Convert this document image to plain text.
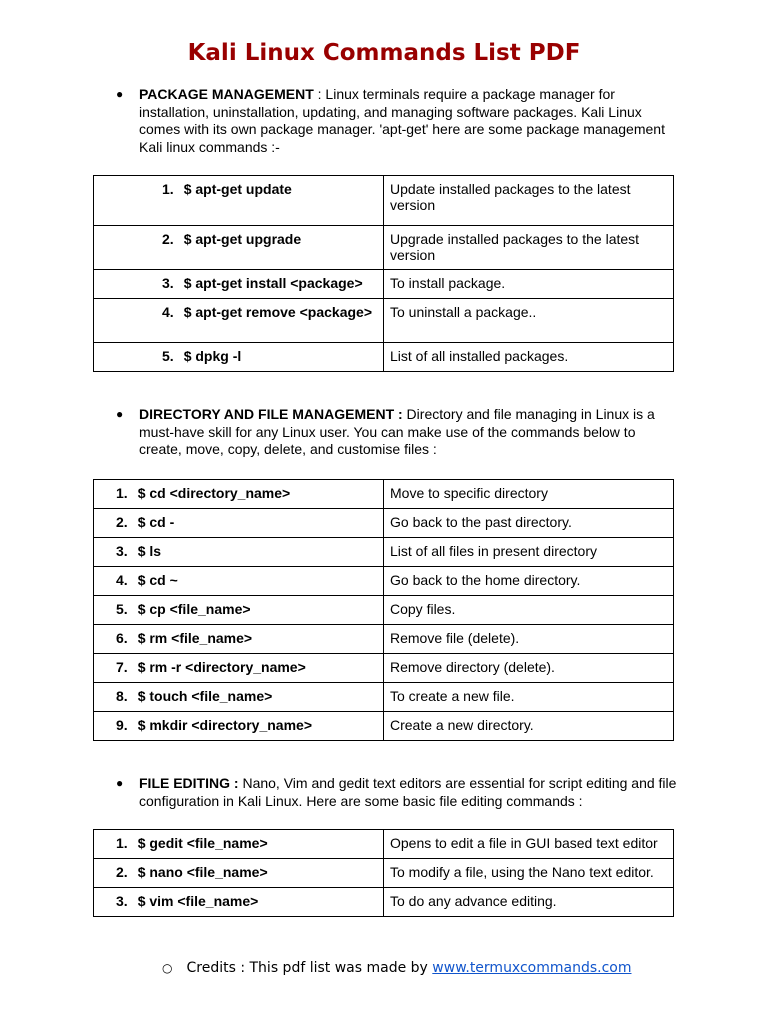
Kali Linux Commands List PDF
●	PACKAGE MANAGEMENT : Linux terminals require a package manager for installation, uninstallation, updating, and managing software packages. Kali Linux comes with its own package manager. 'apt-get' here are some package management Kali linux commands :-
1. $ apt-get update	Update installed packages to the latest version

2. $ apt-get upgrade	Upgrade installed packages to the latest version

3. $ apt-get install <package>	To install package.

4. $ apt-get remove <package>	To uninstall a package..

5. $ dpkg -l	List of all installed packages.
●	DIRECTORY AND FILE MANAGEMENT : Directory and file managing in Linux is a must-have skill for any Linux user. You can make use of the commands below to create, move, copy, delete, and customise files :
1. $ cd <directory_name>	Move to specific directory

2. $ cd -	Go back to the past directory.

3. $ ls	List of all files in present directory

4. $ cd ~	Go back to the home directory.

5. $ cp <file_name>	Copy files.

6. $ rm <file_name>	Remove file (delete).

7. $ rm -r <directory_name>	Remove directory (delete).

8. $ touch <file_name>	To create a new file.

9. $ mkdir <directory_name>	Create a new directory.
●	FILE EDITING : Nano, Vim and gedit text editors are essential for script editing and file configuration in Kali Linux. Here are some basic file editing commands :
1. $ gedit <file_name>	Opens to edit a file in GUI based text editor

2. $ nano <file_name>	To modify a file, using the Nano text editor.

3. $ vim <file_name>	To do any advance editing.
○ Credits : This pdf list was made by www.termuxcommands.com
